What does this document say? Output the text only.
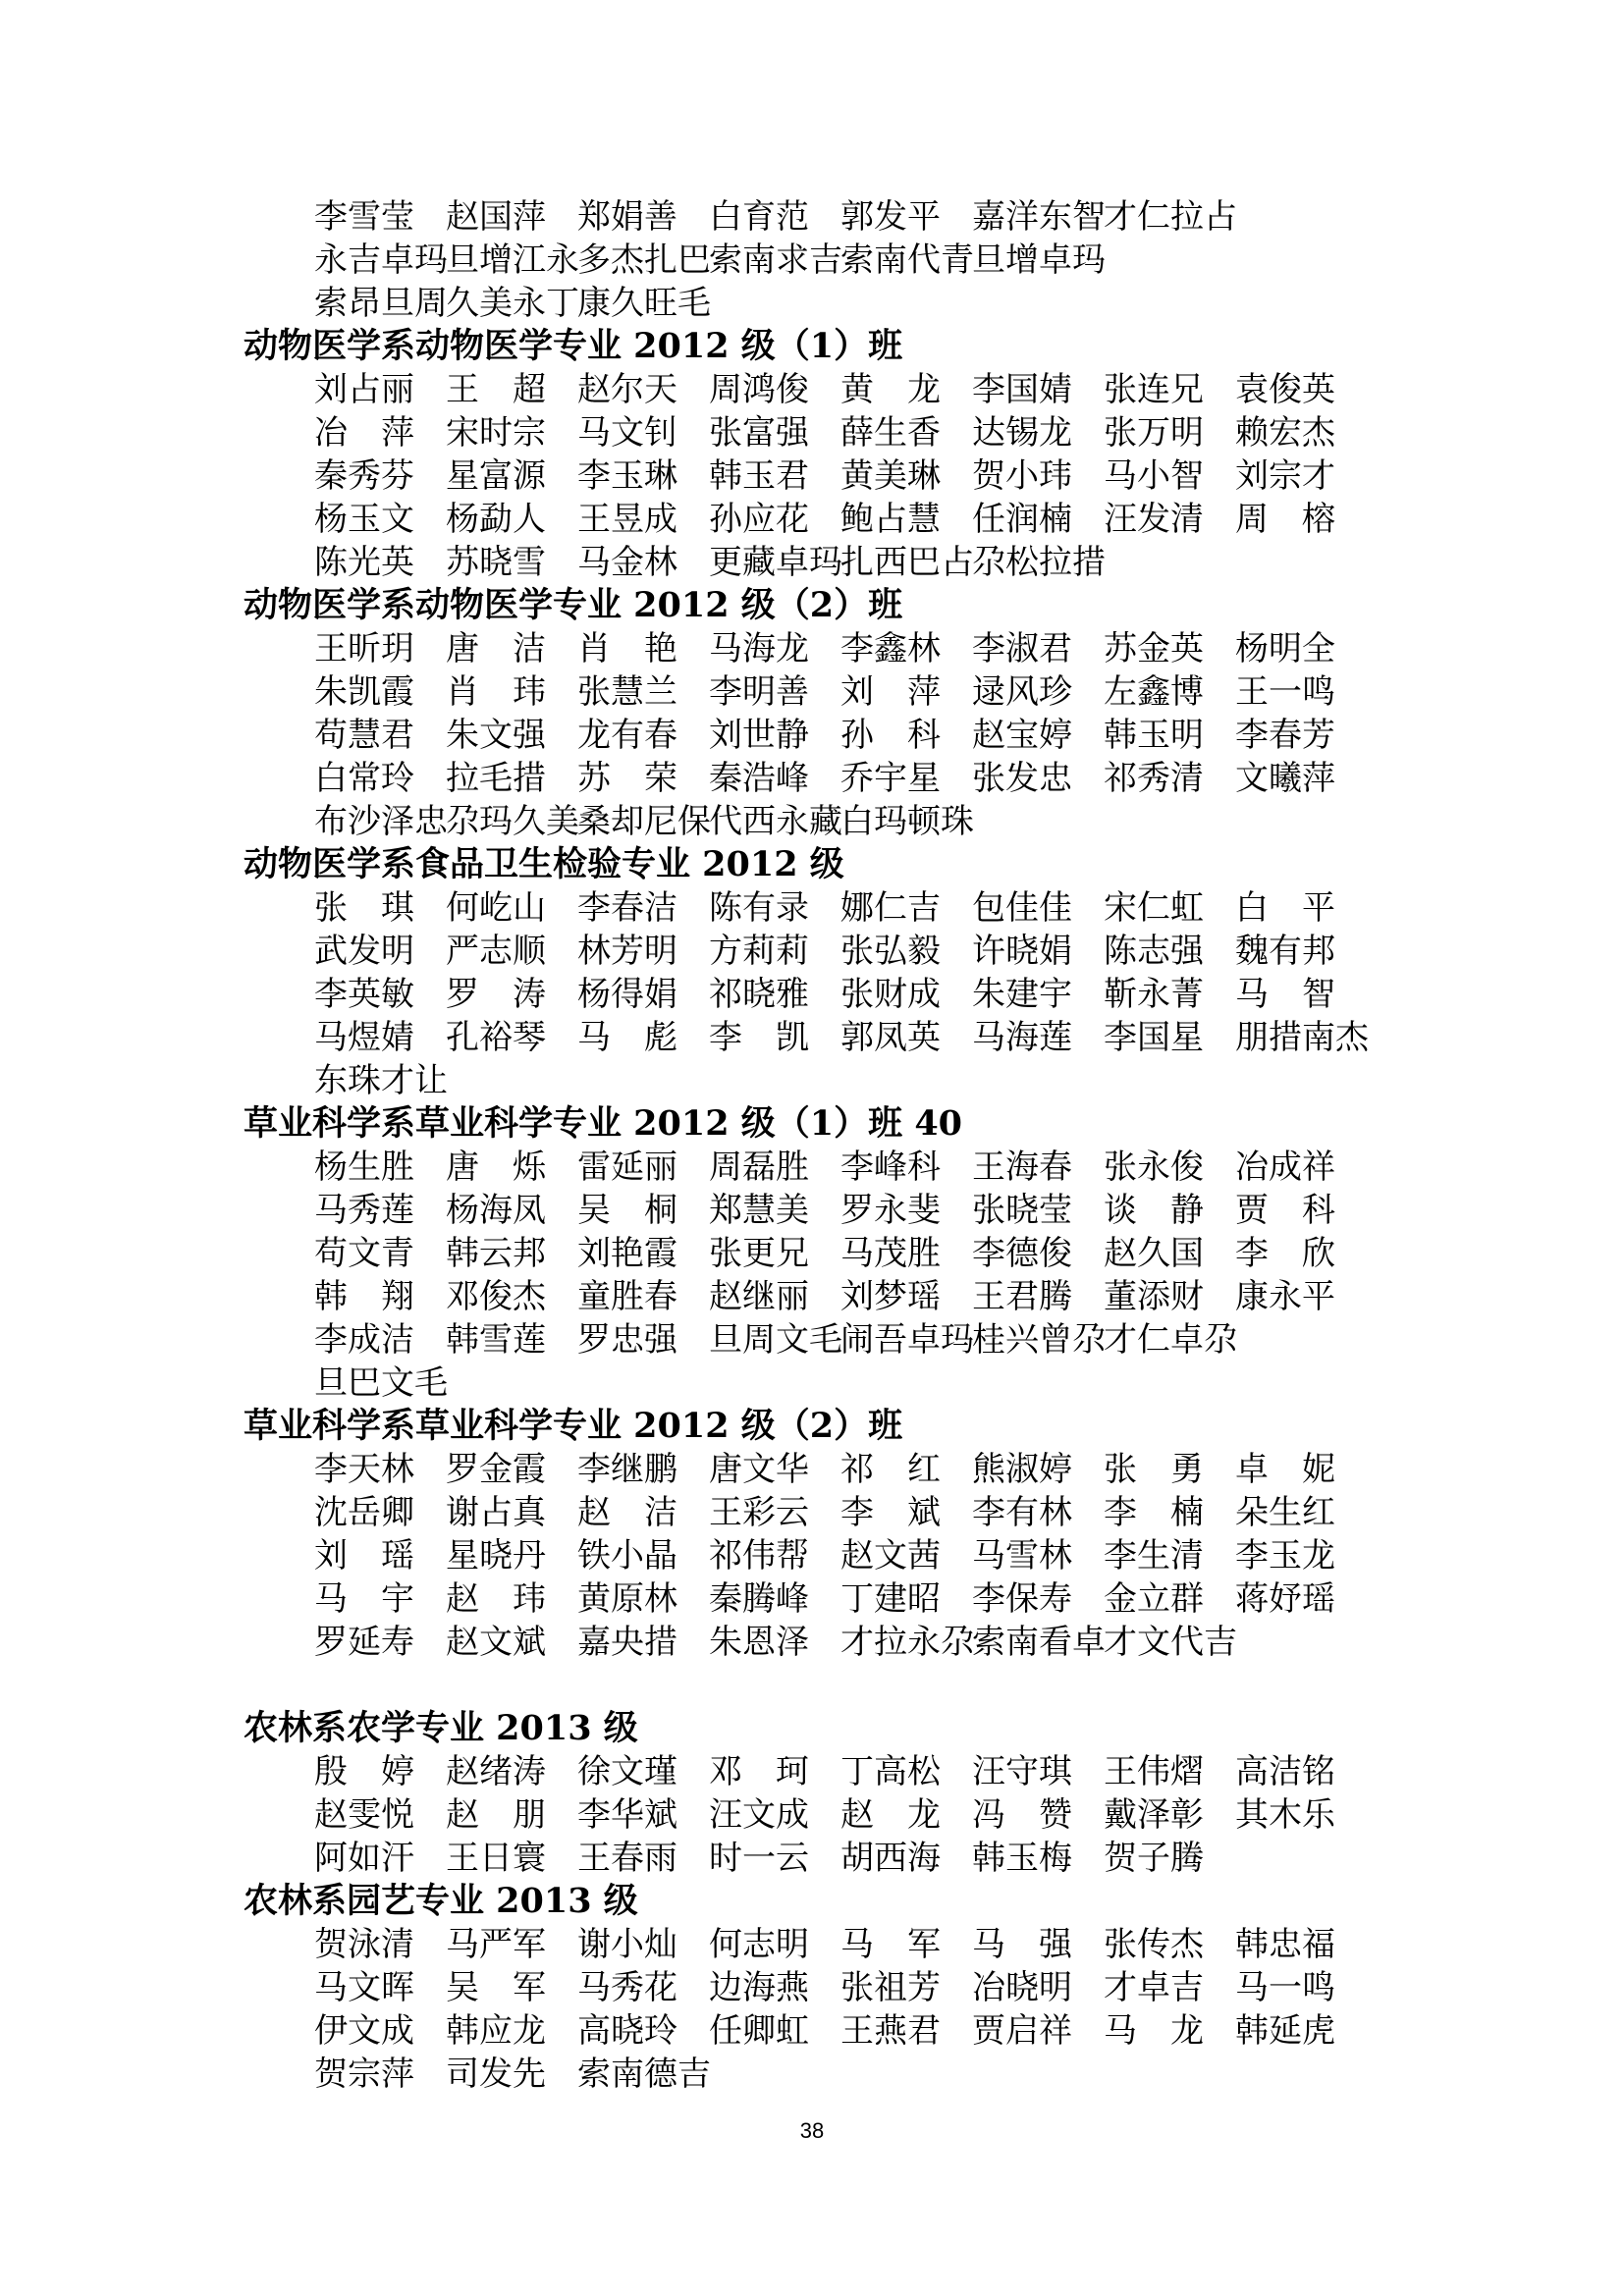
李雪莹 赵国萍 郑娟善 白育范 郭发平 嘉洋东智才仁拉占
永吉卓玛旦增江永多杰扎巴索南求吉索南代青旦增卓玛
索昂旦周久美永丁康久旺毛
动物医学系动物医学专业 2012 级（1）班
刘占丽 王　超 赵尔天 周鸿俊 黄　龙 李国婧 张连兄 袁俊英
冶　萍 宋时宗 马文钊 张富强 薛生香 达锡龙 张万明 赖宏杰
秦秀芬 星富源 李玉琳 韩玉君 黄美琳 贺小玮 马小智 刘宗才
杨玉文 杨勐人 王昱成 孙应花 鲍占慧 任润楠 汪发清 周　榕
陈光英 苏晓雪 马金林 更藏卓玛扎西巴占尕松拉措
动物医学系动物医学专业 2012 级（2）班
王昕玥 唐　洁 肖　艳 马海龙 李鑫林 李淑君 苏金英 杨明全
朱凯霞 肖　玮 张慧兰 李明善 刘　萍 逯风珍 左鑫博 王一鸣
苟慧君 朱文强 龙有春 刘世静 孙　科 赵宝婷 韩玉明 李春芳
白常玲 拉毛措 苏　荣 秦浩峰 乔宇星 张发忠 祁秀清 文曦萍
布沙泽忠尕玛久美桑却尼保代西永藏白玛顿珠
动物医学系食品卫生检验专业 2012 级
张　琪 何屹山 李春洁 陈有录 娜仁吉 包佳佳 宋仁虹 白　平
武发明 严志顺 林芳明 方莉莉 张弘毅 许晓娟 陈志强 魏有邦
李英敏 罗　涛 杨得娟 祁晓雅 张财成 朱建宇 靳永菁 马　智
马煜婧 孔裕琴 马　彪 李　凯 郭凤英 马海莲 李国星 朋措南杰
东珠才让
草业科学系草业科学专业 2012 级（1）班 40
杨生胜 唐　烁 雷延丽 周磊胜 李峰科 王海春 张永俊 冶成祥
马秀莲 杨海凤 吴　桐 郑慧美 罗永斐 张晓莹 谈　静 贾　科
苟文青 韩云邦 刘艳霞 张更兄 马茂胜 李德俊 赵久国 李　欣
韩　翔 邓俊杰 童胜春 赵继丽 刘梦瑶 王君腾 董添财 康永平
李成洁 韩雪莲 罗忠强 旦周文毛闹吾卓玛桂兴曾尕才仁卓尕
旦巴文毛
草业科学系草业科学专业 2012 级（2）班
李天林 罗金霞 李继鹏 唐文华 祁　红 熊淑婷 张　勇 卓　妮
沈岳卿 谢占真 赵　洁 王彩云 李　斌 李有林 李　楠 朵生红
刘　瑶 星晓丹 铁小晶 祁伟帮 赵文茜 马雪林 李生清 李玉龙
马　宇 赵　玮 黄原林 秦腾峰 丁建昭 李保寿 金立群 蒋妤瑶
罗延寿 赵文斌 嘉央措 朱恩泽 才拉永尕索南看卓才文代吉
农林系农学专业 2013 级
殷　婷 赵绪涛 徐文瑾 邓　珂 丁高松 汪守琪 王伟熠 高洁铭
赵雯悦 赵　朋 李华斌 汪文成 赵　龙 冯　赞 戴泽彰 其木乐
阿如汗 王日寰 王春雨 时一云 胡西海 韩玉梅 贺子腾
农林系园艺专业 2013 级
贺泳清 马严军 谢小灿 何志明 马　军 马　强 张传杰 韩忠福
马文晖 吴　军 马秀花 边海燕 张祖芳 冶晓明 才卓吉 马一鸣
伊文成 韩应龙 高晓玲 任卿虹 王燕君 贾启祥 马　龙 韩延虎
贺宗萍 司发先 索南德吉
38
